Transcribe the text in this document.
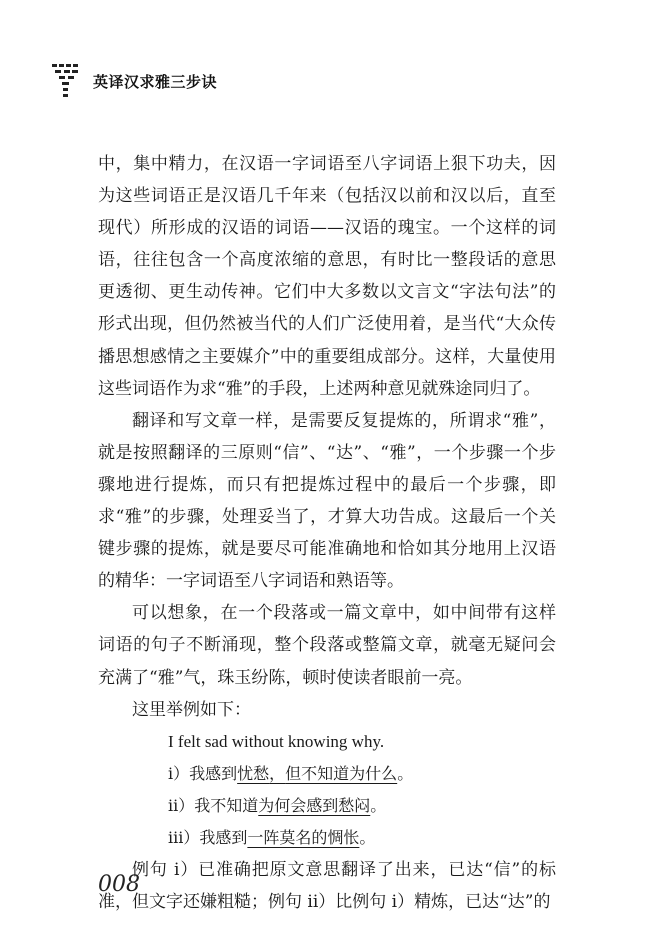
英译汉求雅三步诀

中，集中精力，在汉语一字词语至八字词语上狠下功夫，因为这些词语正是汉语几千年来（包括汉以前和汉以后，直至现代）所形成的汉语的词语——汉语的瑰宝。一个这样的词语，往往包含一个高度浓缩的意思，有时比一整段话的意思更透彻、更生动传神。它们中大多数以文言文“字法句法”的形式出现，但仍然被当代的人们广泛使用着，是当代“大众传播思想感情之主要媒介”中的重要组成部分。这样，大量使用这些词语作为求“雅”的手段，上述两种意见就殊途同归了。

翻译和写文章一样，是需要反复提炼的，所谓求“雅”，就是按照翻译的三原则“信”、“达”、“雅”，一个步骤一个步骤地进行提炼，而只有把提炼过程中的最后一个步骤，即求“雅”的步骤，处理妥当了，才算大功告成。这最后一个关键步骤的提炼，就是要尽可能准确地和恰如其分地用上汉语的精华：一字词语至八字词语和熟语等。

可以想象，在一个段落或一篇文章中，如中间带有这样词语的句子不断涌现，整个段落或整篇文章，就毫无疑问会充满了“雅”气，珠玉纷陈，顿时使读者眼前一亮。

这里举例如下：

I felt sad without knowing why.

i）我感到忧愁，但不知道为什么。

ii）我不知道为何会感到愁闷。

iii）我感到一阵莫名的惆怅。

例句 i）已准确把原文意思翻译了出来，已达“信”的标准，但文字还嫌粗糙；例句 ii）比例句 i）精炼，已达“达”的

008
